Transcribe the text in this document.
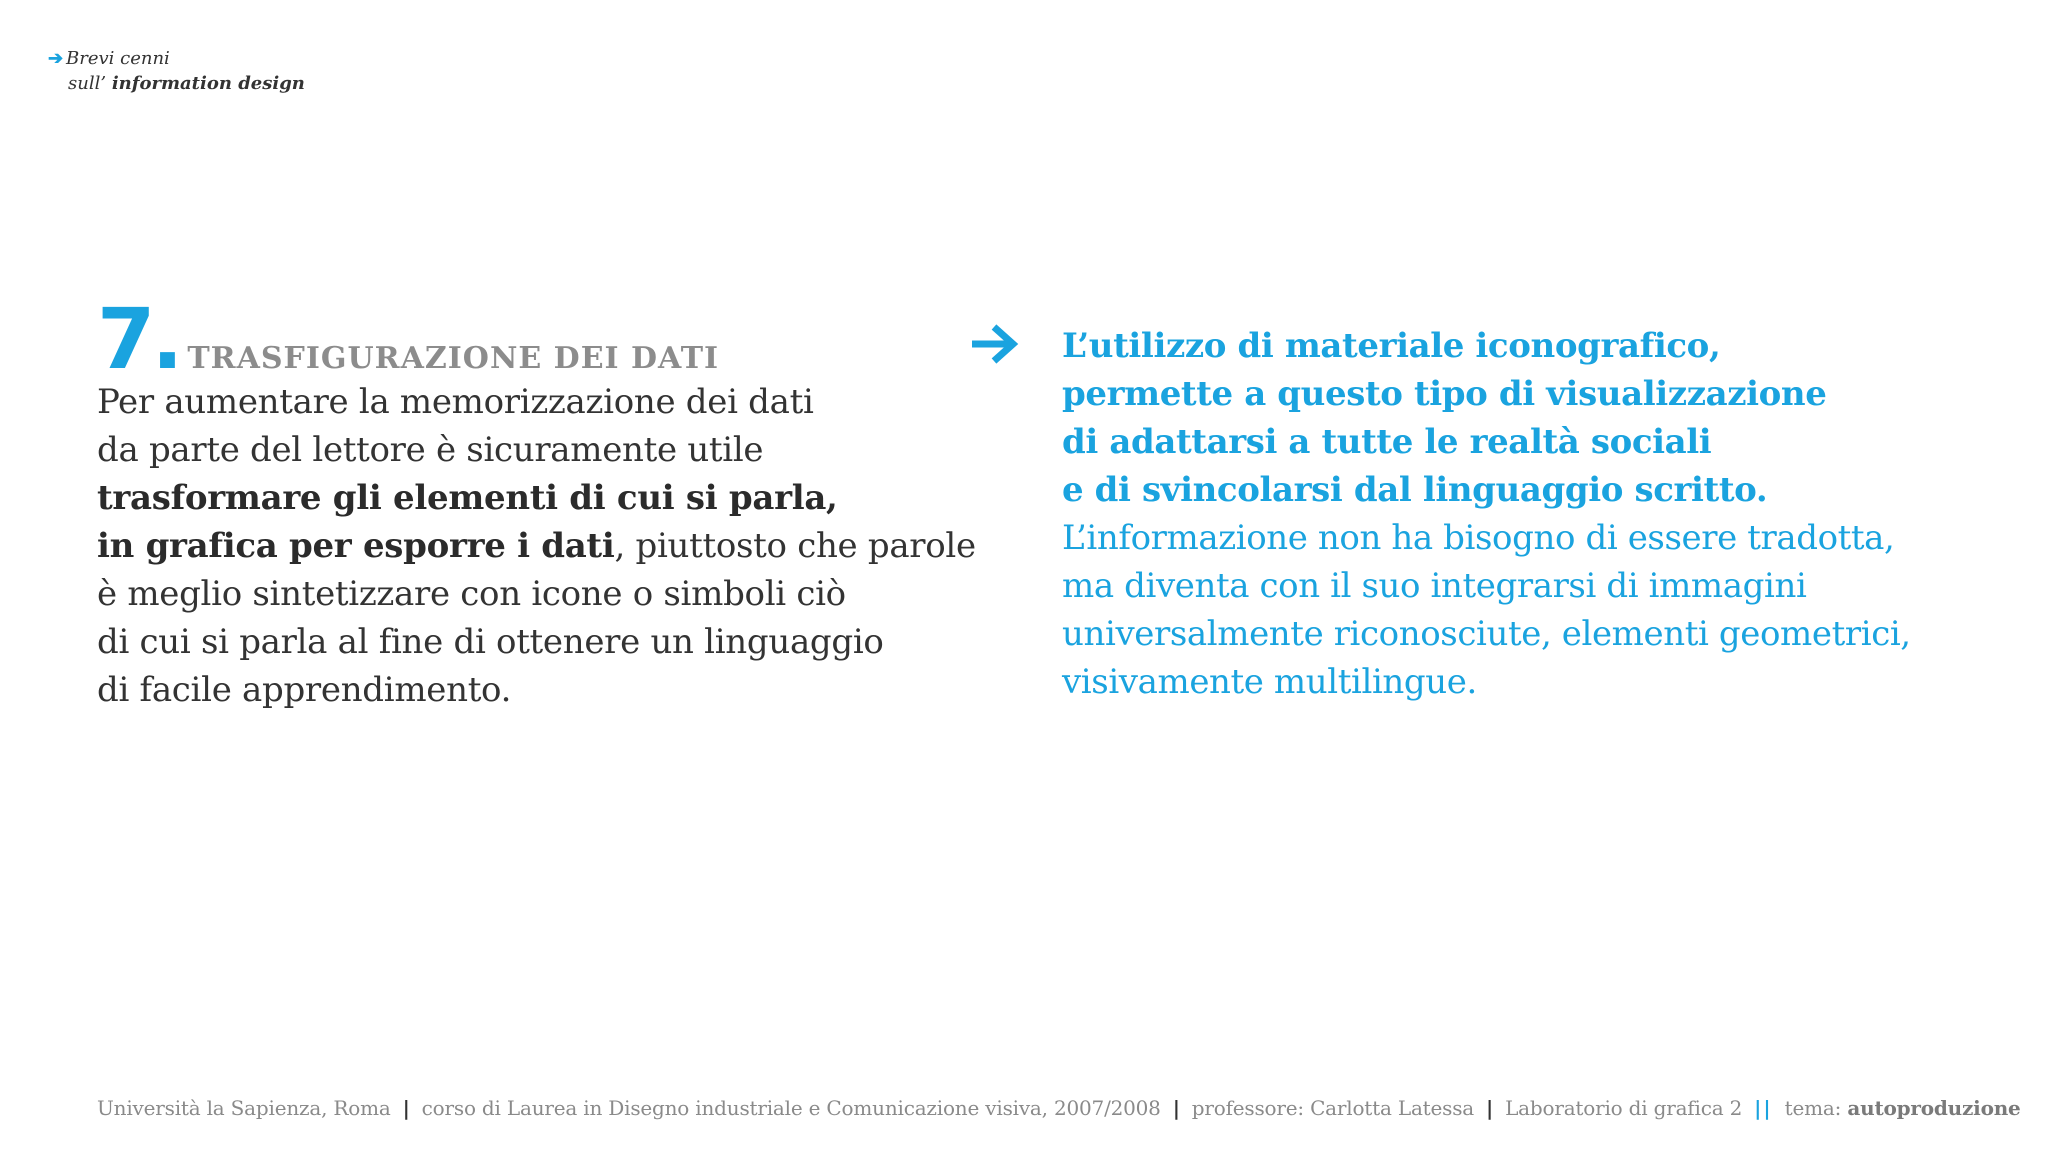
➔ Brevi cenni
sull’ information design
7. TRASFIGURAZIONE DEI DATI
Per aumentare la memorizzazione dei dati
da parte del lettore è sicuramente utile
trasformare gli elementi di cui si parla,
in grafica per esporre i dati, piuttosto che parole
è meglio sintetizzare con icone o simboli ciò
di cui si parla al fine di ottenere un linguaggio
di facile apprendimento.
L’utilizzo di materiale iconografico,
permette a questo tipo di visualizzazione
di adattarsi a tutte le realtà sociali
e di svincolarsi dal linguaggio scritto.
L’informazione non ha bisogno di essere tradotta,
ma diventa con il suo integrarsi di immagini
universalmente riconosciute, elementi geometrici,
visivamente multilingue.
Università la Sapienza, Roma | corso di Laurea in Disegno industriale e Comunicazione visiva, 2007/2008 | professore: Carlotta Latessa | Laboratorio di grafica 2 || tema: autoproduzione
